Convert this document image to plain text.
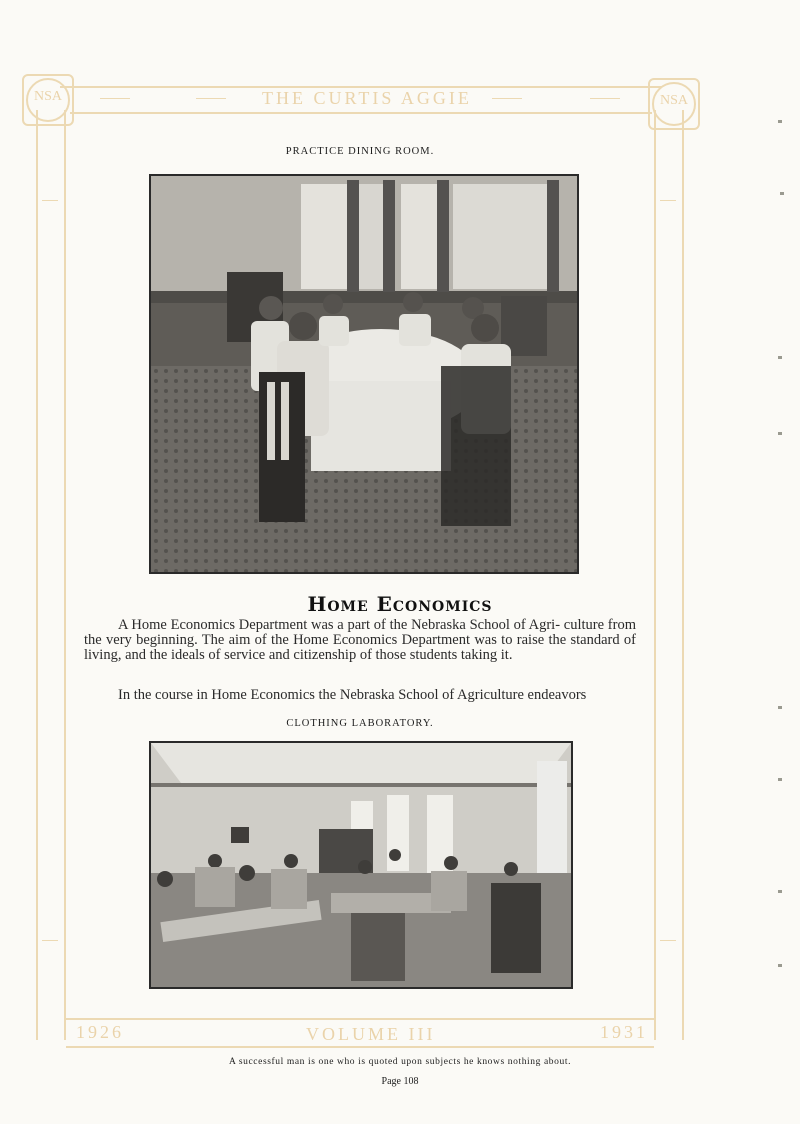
NSA	NSA
THE CURTIS AGGIE
1926	VOLUME III	1931
PRACTICE DINING ROOM.
Home Economics
A Home Economics Department was a part of the Nebraska School of Agri- culture from the very beginning. The aim of the Home Economics Department was to raise the standard of living, and the ideals of service and citizenship of those students taking it.
In the course in Home Economics the Nebraska School of Agriculture endeavors
CLOTHING LABORATORY.
A successful man is one who is quoted upon subjects he knows nothing about.
Page 108
